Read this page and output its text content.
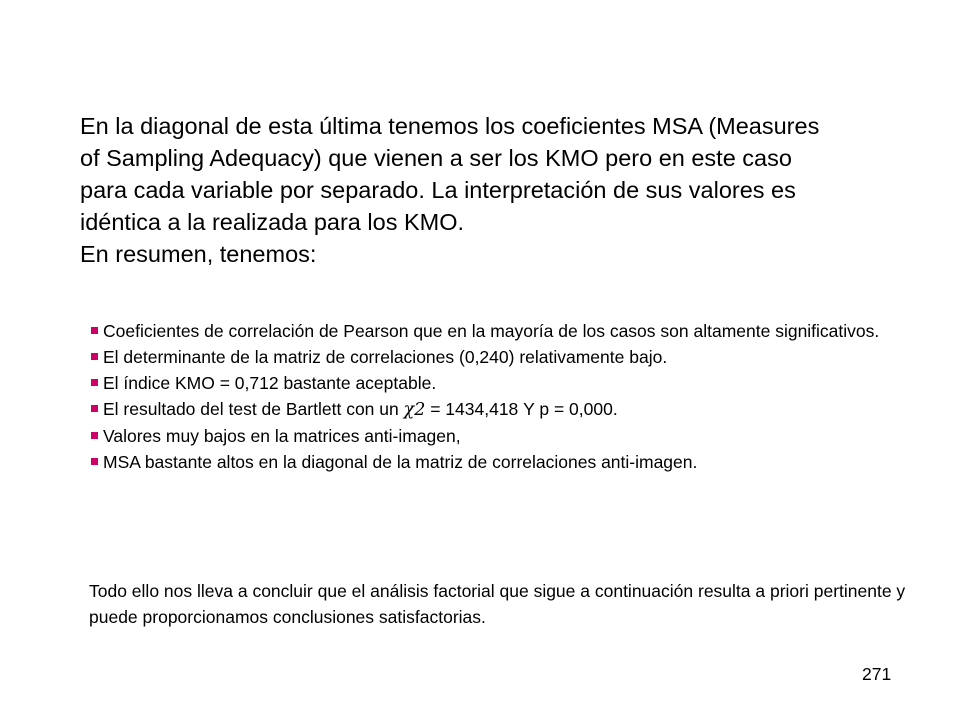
En la diagonal de esta última tenemos los coeficientes MSA (Measures of Sampling Adequacy) que vienen a ser los KMO pero en este caso para cada variable por separado. La interpretación de sus valores es idéntica a la realizada para los KMO.

En resumen, tenemos:

Coeficientes de correlación de Pearson que en la mayoría de los casos son altamente significativos.
El determinante de la matriz de correlaciones (0,240) relativamente bajo.
El índice KMO = 0,712 bastante aceptable.
El resultado del test de Bartlett con un χ2 = 1434,418 Y p = 0,000.
Valores muy bajos en la matrices anti-imagen,
MSA bastante altos en la diagonal de la matriz de correlaciones anti-imagen.

Todo ello nos lleva a concluir que el análisis factorial que sigue a continuación resulta a priori pertinente y puede proporcionamos conclusiones satisfactorias.

271
